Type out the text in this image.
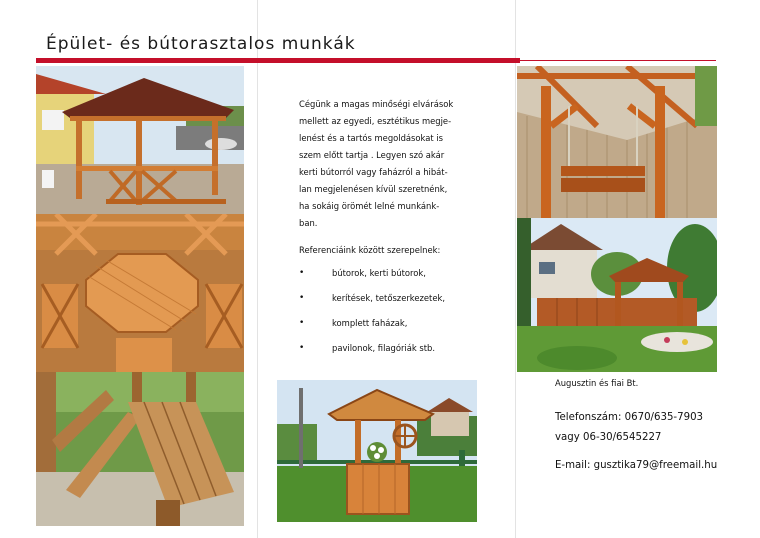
Épület- és bútorasztalos munkák

Cégünk a magas minőségi elvárások
mellett az egyedi, esztétikus megje-
lenést és a tartós megoldásokat is
szem előtt tartja . Legyen szó akár
kerti bútorról vagy faházról a hibát-
lan megjelenésen kívül szeretnénk,
ha sokáig örömét lelné munkánk-
ban.

Referenciáink között szerepelnek:

•	bútorok, kerti bútorok,
•	kerítések, tetőszerkezetek,
•	komplett faházak,
•	pavilonok, filagóriák stb.
Augusztin és fiai Bt.
Telefonszám: 0670/635-7903
vagy 06-30/6545227
E-mail: gusztika79@freemail.hu
